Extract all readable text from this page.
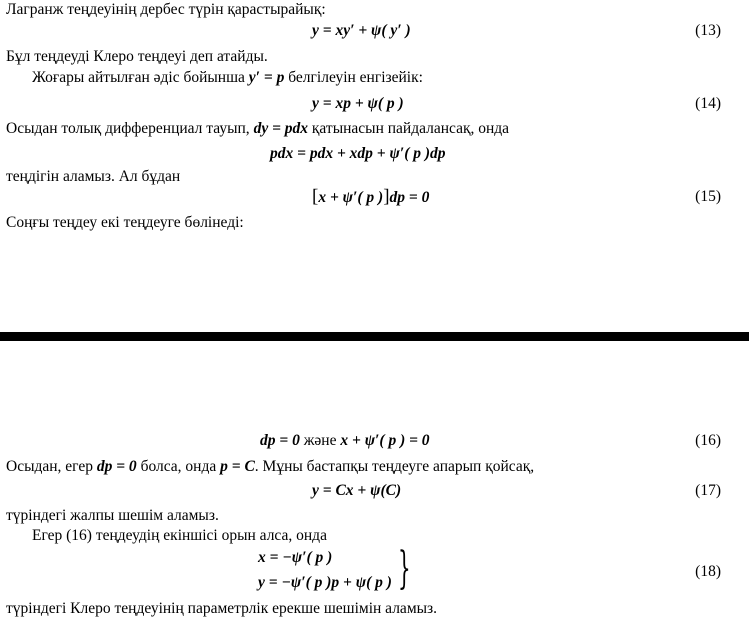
Лагранж теңдеуінің дербес түрін қарастырайық:
y = xy′ + ψ( y′ )	(13)
Бұл теңдеуді Клеро теңдеуі деп атайды.
Жоғары айтылған әдіс бойынша y′ = p белгілеуін енгізейік:
y = xp + ψ( p )	(14)
Осыдан толық дифференциал тауып, dy = pdx қатынасын пайдалансақ, онда
pdx = pdx + xdp + ψ′( p )dp
теңдігін аламыз. Ал бұдан
[x + ψ′( p )]dp = 0	(15)
Соңғы теңдеу екі теңдеуге бөлінеді:
dp = 0 және x + ψ′( p ) = 0	(16)
Осыдан, егер dp = 0 болса, онда p = C. Мұны бастапқы теңдеуге апарып қойсақ,
y = Cx + ψ(C)	(17)
түріндегі жалпы шешім аламыз.
Егер (16) теңдеудің екіншісі орын алса, онда
x = −ψ′( p )
y = −ψ′( p )p + ψ( p ) }	(18)
түріндегі Клеро теңдеуінің параметрлік ерекше шешімін аламыз.
